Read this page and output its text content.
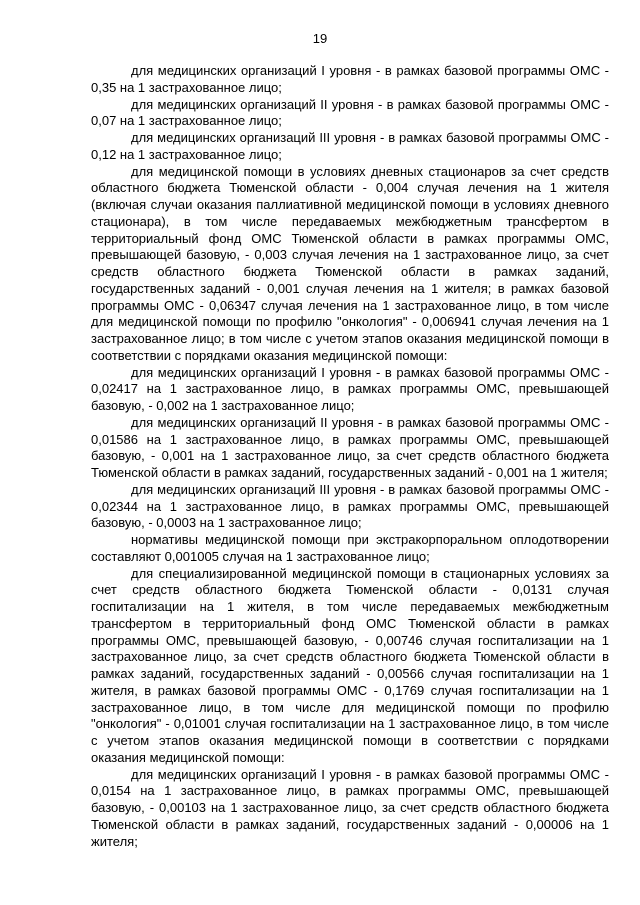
19

для медицинских организаций I уровня - в рамках базовой программы ОМС - 0,35 на 1 застрахованное лицо;

для медицинских организаций II уровня - в рамках базовой программы ОМС - 0,07 на 1 застрахованное лицо;

для медицинских организаций III уровня - в рамках базовой программы ОМС - 0,12 на 1 застрахованное лицо;

для медицинской помощи в условиях дневных стационаров за счет средств областного бюджета Тюменской области - 0,004 случая лечения на 1 жителя (включая случаи оказания паллиативной медицинской помощи в условиях дневного стационара), в том числе передаваемых межбюджетным трансфертом в территориальный фонд ОМС Тюменской области в рамках программы ОМС, превышающей базовую, - 0,003 случая лечения на 1 застрахованное лицо, за счет средств областного бюджета Тюменской области в рамках заданий, государственных заданий - 0,001 случая лечения на 1 жителя; в рамках базовой программы ОМС - 0,06347 случая лечения на 1 застрахованное лицо, в том числе для медицинской помощи по профилю "онкология" - 0,006941 случая лечения на 1 застрахованное лицо; в том числе с учетом этапов оказания медицинской помощи в соответствии с порядками оказания медицинской помощи:

для медицинских организаций I уровня - в рамках базовой программы ОМС - 0,02417 на 1 застрахованное лицо, в рамках программы ОМС, превышающей базовую, - 0,002 на 1 застрахованное лицо;

для медицинских организаций II уровня - в рамках базовой программы ОМС - 0,01586 на 1 застрахованное лицо, в рамках программы ОМС, превышающей базовую, - 0,001 на 1 застрахованное лицо, за счет средств областного бюджета Тюменской области в рамках заданий, государственных заданий - 0,001 на 1 жителя;

для медицинских организаций III уровня - в рамках базовой программы ОМС - 0,02344 на 1 застрахованное лицо, в рамках программы ОМС, превышающей базовую, - 0,0003 на 1 застрахованное лицо;

нормативы медицинской помощи при экстракорпоральном оплодотворении составляют 0,001005 случая на 1 застрахованное лицо;

для специализированной медицинской помощи в стационарных условиях за счет средств областного бюджета Тюменской области - 0,0131 случая госпитализации на 1 жителя, в том числе передаваемых межбюджетным трансфертом в территориальный фонд ОМС Тюменской области в рамках программы ОМС, превышающей базовую, - 0,00746 случая госпитализации на 1 застрахованное лицо, за счет средств областного бюджета Тюменской области в рамках заданий, государственных заданий - 0,00566 случая госпитализации на 1 жителя, в рамках базовой программы ОМС - 0,1769 случая госпитализации на 1 застрахованное лицо, в том числе для медицинской помощи по профилю "онкология" - 0,01001 случая госпитализации на 1 застрахованное лицо, в том числе с учетом этапов оказания медицинской помощи в соответствии с порядками оказания медицинской помощи:

для медицинских организаций I уровня - в рамках базовой программы ОМС - 0,0154 на 1 застрахованное лицо, в рамках программы ОМС, превышающей базовую, - 0,00103 на 1 застрахованное лицо, за счет средств областного бюджета Тюменской области в рамках заданий, государственных заданий - 0,00006 на 1 жителя;
